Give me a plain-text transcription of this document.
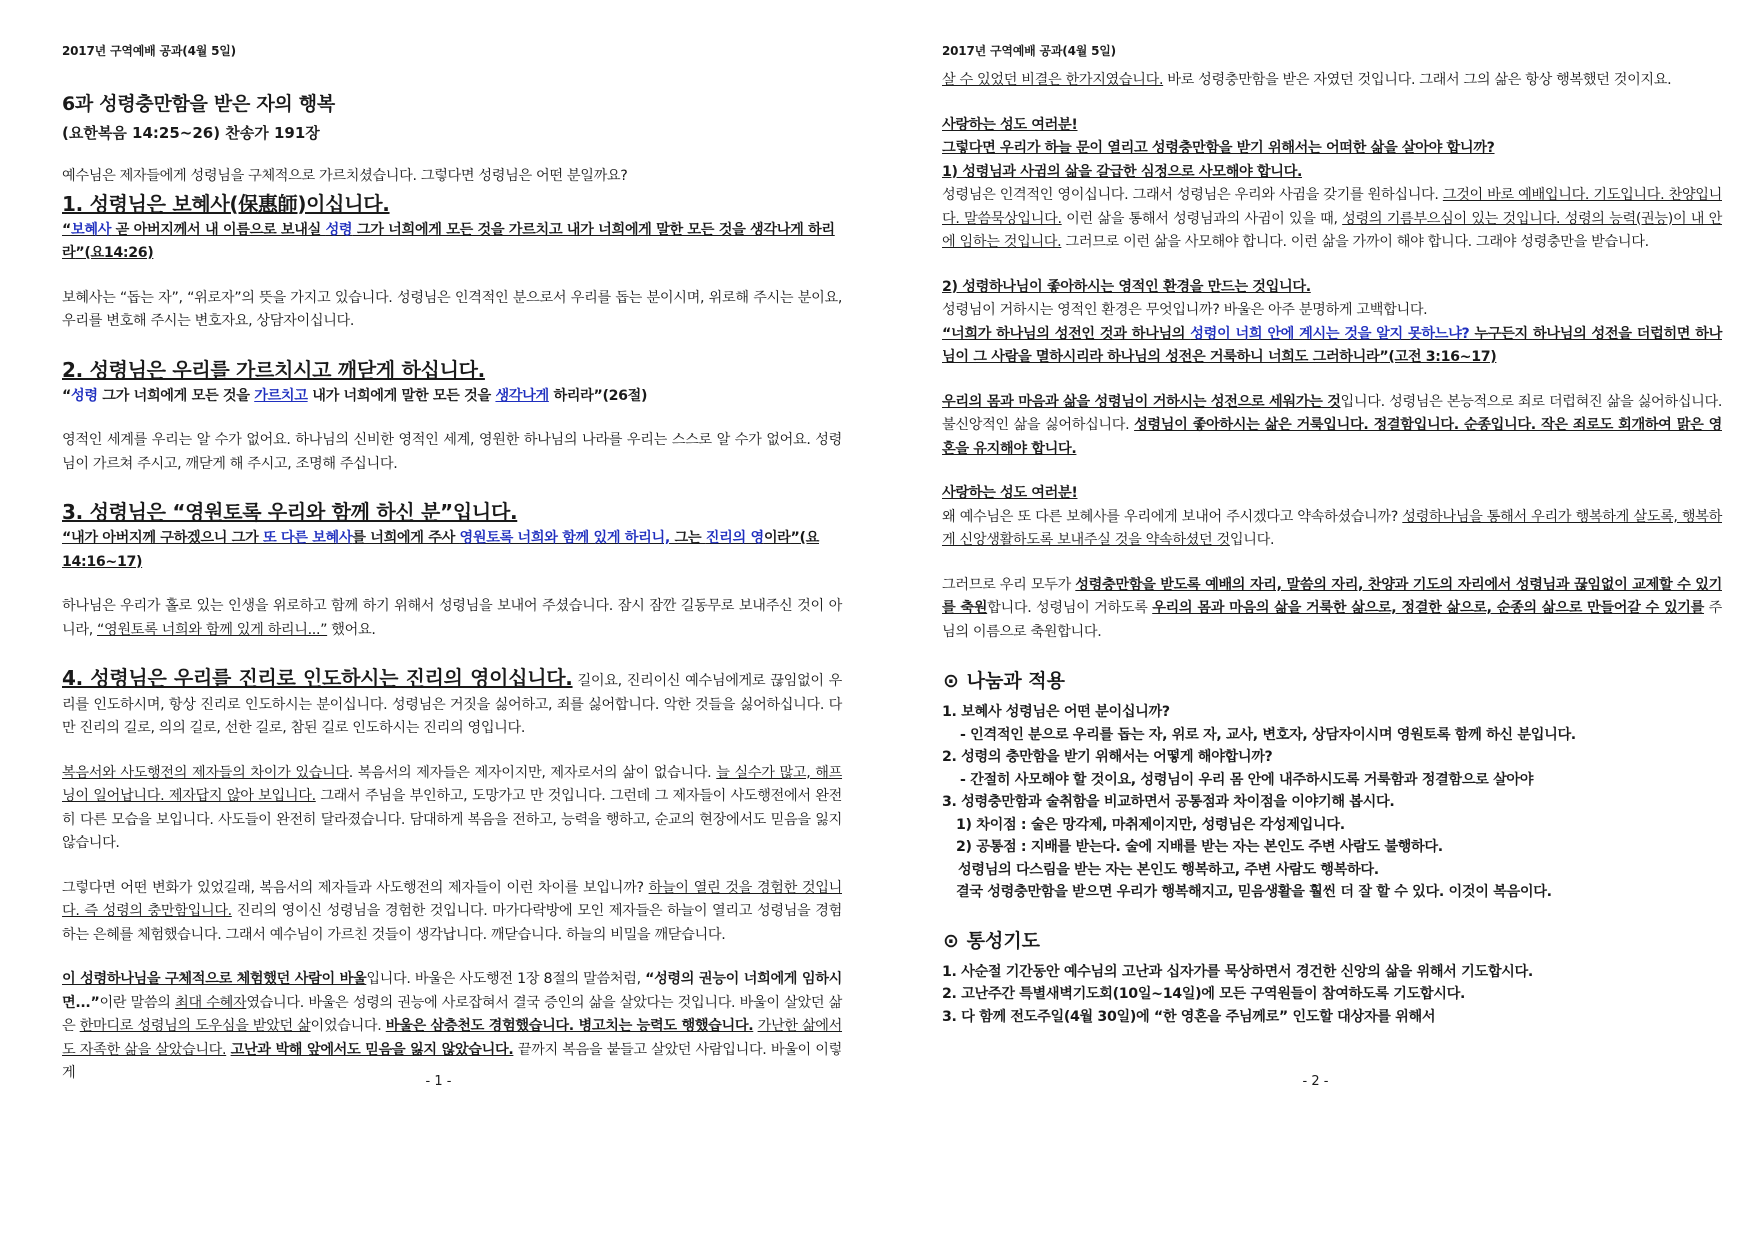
2017년 구역예배 공과(4월 5일)
6과 성령충만함을 받은 자의 행복
(요한복음 14:25~26) 찬송가 191장

예수님은 제자들에게 성령님을 구체적으로 가르치셨습니다. 그렇다면 성령님은 어떤 분일까요?

1. 성령님은 보혜사(保惠師)이십니다.
“보혜사 곧 아버지께서 내 이름으로 보내실 성령 그가 너희에게 모든 것을 가르치고 내가 너희에게 말한 모든 것을 생각나게 하리라”(요14:26)

보혜사는 “돕는 자”, “위로자”의 뜻을 가지고 있습니다. 성령님은 인격적인 분으로서 우리를 돕는 분이시며, 위로해 주시는 분이요, 우리를 변호해 주시는 변호자요, 상담자이십니다.

2. 성령님은 우리를 가르치시고 깨닫게 하십니다.
“성령 그가 너희에게 모든 것을 가르치고 내가 너희에게 말한 모든 것을 생각나게 하리라”(26절)

영적인 세계를 우리는 알 수가 없어요. 하나님의 신비한 영적인 세계, 영원한 하나님의 나라를 우리는 스스로 알 수가 없어요. 성령님이 가르쳐 주시고, 깨닫게 해 주시고, 조명해 주십니다.

3. 성령님은 “영원토록 우리와 함께 하신 분”입니다.
“내가 아버지께 구하겠으니 그가 또 다른 보혜사를 너희에게 주사 영원토록 너희와 함께 있게 하리니, 그는 진리의 영이라”(요14:16~17)

하나님은 우리가 홀로 있는 인생을 위로하고 함께 하기 위해서 성령님을 보내어 주셨습니다. 잠시 잠깐 길동무로 보내주신 것이 아니라, “영원토록 너희와 함께 있게 하리니...” 했어요.

4. 성령님은 우리를 진리로 인도하시는 진리의 영이십니다. 길이요, 진리이신 예수님에게로 끊임없이 우리를 인도하시며, 항상 진리로 인도하시는 분이십니다. 성령님은 거짓을 싫어하고, 죄를 싫어합니다. 악한 것들을 싫어하십니다. 다만 진리의 길로, 의의 길로, 선한 길로, 참된 길로 인도하시는 진리의 영입니다.

복음서와 사도행전의 제자들의 차이가 있습니다. 복음서의 제자들은 제자이지만, 제자로서의 삶이 없습니다. 늘 실수가 많고, 해프닝이 일어납니다. 제자답지 않아 보입니다. 그래서 주님을 부인하고, 도망가고 만 것입니다. 그런데 그 제자들이 사도행전에서 완전히 다른 모습을 보입니다. 사도들이 완전히 달라졌습니다. 담대하게 복음을 전하고, 능력을 행하고, 순교의 현장에서도 믿음을 잃지 않습니다.

그렇다면 어떤 변화가 있었길래, 복음서의 제자들과 사도행전의 제자들이 이런 차이를 보입니까? 하늘이 열린 것을 경험한 것입니다. 즉 성령의 충만함입니다. 진리의 영이신 성령님을 경험한 것입니다. 마가다락방에 모인 제자들은 하늘이 열리고 성령님을 경험하는 은혜를 체험했습니다. 그래서 예수님이 가르친 것들이 생각납니다. 깨닫습니다. 하늘의 비밀을 깨닫습니다.

이 성령하나님을 구체적으로 체험했던 사람이 바울입니다. 바울은 사도행전 1장 8절의 말씀처럼, “성령의 권능이 너희에게 임하시면...”이란 말씀의 최대 수혜자였습니다. 바울은 성령의 권능에 사로잡혀서 결국 증인의 삶을 살았다는 것입니다. 바울이 살았던 삶은 한마디로 성령님의 도우심을 받았던 삶이었습니다. 바울은 삼층천도 경험했습니다. 병고치는 능력도 행했습니다. 가난한 삶에서도 자족한 삶을 살았습니다. 고난과 박해 앞에서도 믿음을 잃지 않았습니다. 끝까지 복음을 붙들고 살았던 사람입니다. 바울이 이렇게

- 1 -
2017년 구역예배 공과(4월 5일)

살 수 있었던 비결은 한가지였습니다. 바로 성령충만함을 받은 자였던 것입니다. 그래서 그의 삶은 항상 행복했던 것이지요.

사랑하는 성도 여러분!

그렇다면 우리가 하늘 문이 열리고 성령충만함을 받기 위해서는 어떠한 삶을 살아야 합니까?

1) 성령님과 사귐의 삶을 갈급한 심정으로 사모해야 합니다.

성령님은 인격적인 영이십니다. 그래서 성령님은 우리와 사귐을 갖기를 원하십니다. 그것이 바로 예배입니다. 기도입니다. 찬양입니다. 말씀묵상입니다. 이런 삶을 통해서 성령님과의 사귐이 있을 때, 성령의 기름부으심이 있는 것입니다. 성령의 능력(권능)이 내 안에 임하는 것입니다. 그러므로 이런 삶을 사모해야 합니다. 이런 삶을 가까이 해야 합니다. 그래야 성령충만을 받습니다.

2) 성령하나님이 좋아하시는 영적인 환경을 만드는 것입니다.

성령님이 거하시는 영적인 환경은 무엇입니까? 바울은 아주 분명하게 고백합니다.

“너희가 하나님의 성전인 것과 하나님의 성령이 너희 안에 계시는 것을 알지 못하느냐? 누구든지 하나님의 성전을 더럽히면 하나님이 그 사람을 멸하시리라 하나님의 성전은 거룩하니 너희도 그러하니라”(고전 3:16~17)

우리의 몸과 마음과 삶을 성령님이 거하시는 성전으로 세워가는 것입니다. 성령님은 본능적으로 죄로 더럽혀진 삶을 싫어하십니다. 불신앙적인 삶을 싫어하십니다. 성령님이 좋아하시는 삶은 거룩입니다. 정결함입니다. 순종입니다. 작은 죄로도 회개하여 맑은 영혼을 유지해야 합니다.

사랑하는 성도 여러분!

왜 예수님은 또 다른 보혜사를 우리에게 보내어 주시겠다고 약속하셨습니까? 성령하나님을 통해서 우리가 행복하게 살도록, 행복하게 신앙생활하도록 보내주실 것을 약속하셨던 것입니다.

그러므로 우리 모두가 성령충만함을 받도록 예배의 자리, 말씀의 자리, 찬양과 기도의 자리에서 성령님과 끊임없이 교제할 수 있기를 축원합니다. 성령님이 거하도록 우리의 몸과 마음의 삶을 거룩한 삶으로, 정결한 삶으로, 순종의 삶으로 만들어갈 수 있기를 주님의 이름으로 축원합니다.

⊙ 나눔과 적용
1. 보혜사 성령님은 어떤 분이십니까?
- 인격적인 분으로 우리를 돕는 자, 위로 자, 교사, 변호자, 상담자이시며 영원토록 함께 하신 분입니다.
2. 성령의 충만함을 받기 위해서는 어떻게 해야합니까?
- 간절히 사모해야 할 것이요, 성령님이 우리 몸 안에 내주하시도록 거룩함과 정결함으로 살아야
3. 성령충만함과 술취함을 비교하면서 공통점과 차이점을 이야기해 봅시다.
1) 차이점 : 술은 망각제, 마취제이지만, 성령님은 각성제입니다.
2) 공통점 : 지배를 받는다. 술에 지배를 받는 자는 본인도 주변 사람도 불행하다.
성령님의 다스림을 받는 자는 본인도 행복하고, 주변 사람도 행복하다.
결국 성령충만함을 받으면 우리가 행복해지고, 믿음생활을 훨씬 더 잘 할 수 있다. 이것이 복음이다.
⊙ 통성기도
1. 사순절 기간동안 예수님의 고난과 십자가를 묵상하면서 경건한 신앙의 삶을 위해서 기도합시다.
2. 고난주간 특별새벽기도회(10일~14일)에 모든 구역원들이 참여하도록 기도합시다.
3. 다 함께 전도주일(4월 30일)에 “한 영혼을 주님께로” 인도할 대상자를 위해서
- 2 -
